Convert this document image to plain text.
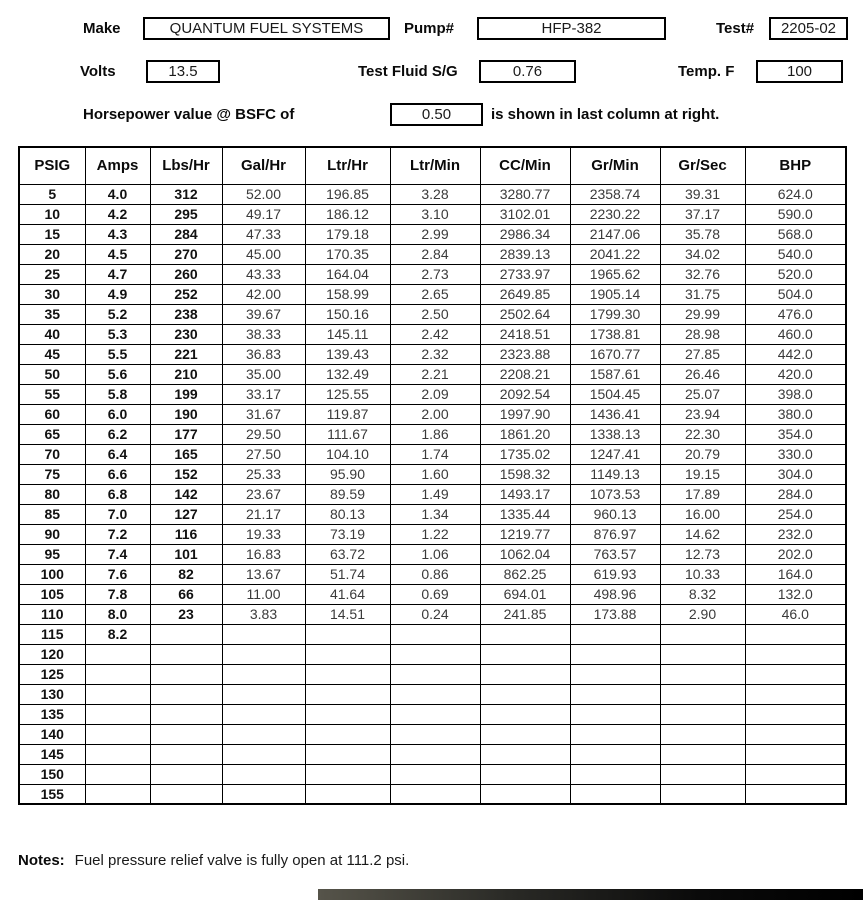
Make	QUANTUM FUEL SYSTEMS	Pump#	HFP-382	Test#	2205-02
Volts	13.5	Test Fluid S/G	0.76	Temp. F	100
Horsepower value @ BSFC of	0.50	is shown in last column at right.
PSIG	Amps	Lbs/Hr	Gal/Hr	Ltr/Hr	Ltr/Min	CC/Min	Gr/Min	Gr/Sec	BHP
5	4.0	312	52.00	196.85	3.28	3280.77	2358.74	39.31	624.0
10	4.2	295	49.17	186.12	3.10	3102.01	2230.22	37.17	590.0
15	4.3	284	47.33	179.18	2.99	2986.34	2147.06	35.78	568.0
20	4.5	270	45.00	170.35	2.84	2839.13	2041.22	34.02	540.0
25	4.7	260	43.33	164.04	2.73	2733.97	1965.62	32.76	520.0
30	4.9	252	42.00	158.99	2.65	2649.85	1905.14	31.75	504.0
35	5.2	238	39.67	150.16	2.50	2502.64	1799.30	29.99	476.0
40	5.3	230	38.33	145.11	2.42	2418.51	1738.81	28.98	460.0
45	5.5	221	36.83	139.43	2.32	2323.88	1670.77	27.85	442.0
50	5.6	210	35.00	132.49	2.21	2208.21	1587.61	26.46	420.0
55	5.8	199	33.17	125.55	2.09	2092.54	1504.45	25.07	398.0
60	6.0	190	31.67	119.87	2.00	1997.90	1436.41	23.94	380.0
65	6.2	177	29.50	111.67	1.86	1861.20	1338.13	22.30	354.0
70	6.4	165	27.50	104.10	1.74	1735.02	1247.41	20.79	330.0
75	6.6	152	25.33	95.90	1.60	1598.32	1149.13	19.15	304.0
80	6.8	142	23.67	89.59	1.49	1493.17	1073.53	17.89	284.0
85	7.0	127	21.17	80.13	1.34	1335.44	960.13	16.00	254.0
90	7.2	116	19.33	73.19	1.22	1219.77	876.97	14.62	232.0
95	7.4	101	16.83	63.72	1.06	1062.04	763.57	12.73	202.0
100	7.6	82	13.67	51.74	0.86	862.25	619.93	10.33	164.0
105	7.8	66	11.00	41.64	0.69	694.01	498.96	8.32	132.0
110	8.0	23	3.83	14.51	0.24	241.85	173.88	2.90	46.0
115	8.2								
120									
125									
130									
135									
140									
145									
150									
155									
Notes: Fuel pressure relief valve is fully open at 111.2 psi.
